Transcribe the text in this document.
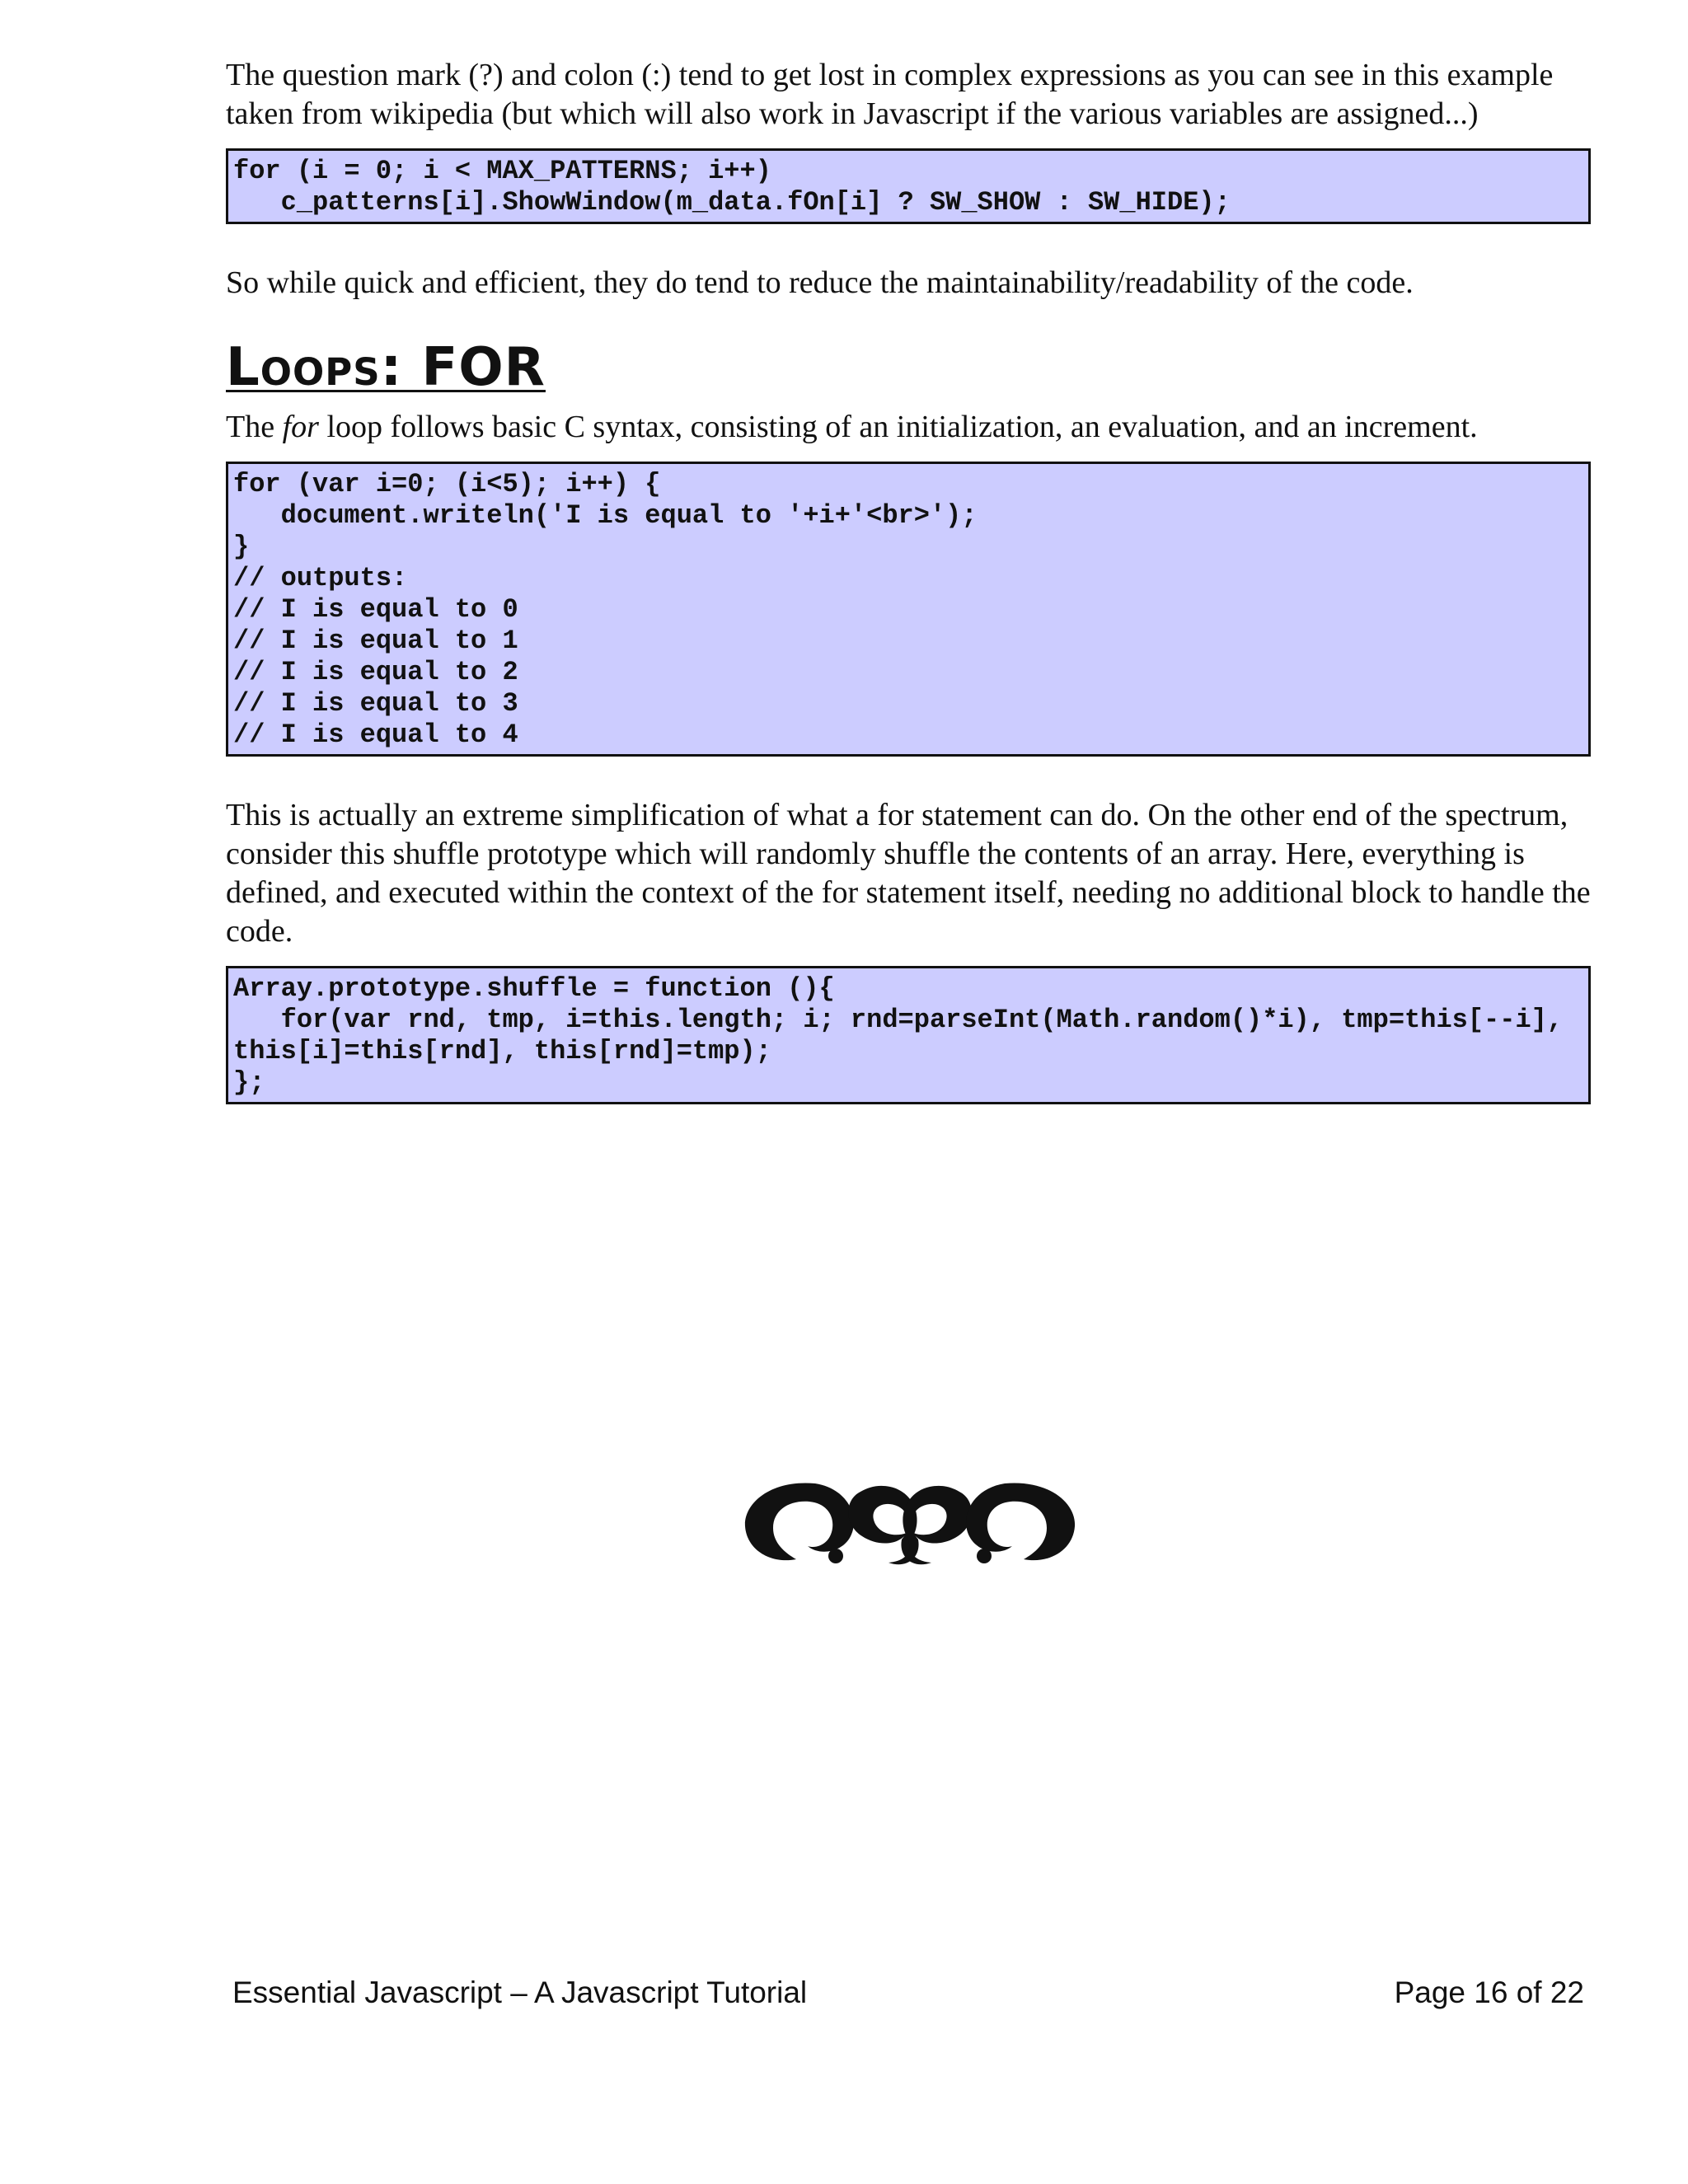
The question mark (?) and colon (:) tend to get lost in complex expressions as you can see in this example taken from wikipedia (but which will also work in Javascript if the various variables are assigned...)

for (i = 0; i < MAX_PATTERNS; i++)
c_patterns[i].ShowWindow(m_data.fOn[i] ? SW_SHOW : SW_HIDE);

So while quick and efficient, they do tend to reduce the maintainability/readability of the code.

Loops: FOR

The for loop follows basic C syntax, consisting of an initialization, an evaluation, and an increment.

for (var i=0; (i<5); i++) {
document.writeln('I is equal to '+i+'<br>');
}
// outputs:
// I is equal to 0
// I is equal to 1
// I is equal to 2
// I is equal to 3
// I is equal to 4

This is actually an extreme simplification of what a for statement can do. On the other end of the spectrum, consider this shuffle prototype which will randomly shuffle the contents of an array. Here, everything is defined, and executed within the context of the for statement itself, needing no additional block to handle the code.

Array.prototype.shuffle = function (){
for(var rnd, tmp, i=this.length; i; rnd=parseInt(Math.random()*i), tmp=this[--i], this[i]=this[rnd], this[rnd]=tmp);
};
Essential Javascript – A Javascript Tutorial	Page 16 of 22
